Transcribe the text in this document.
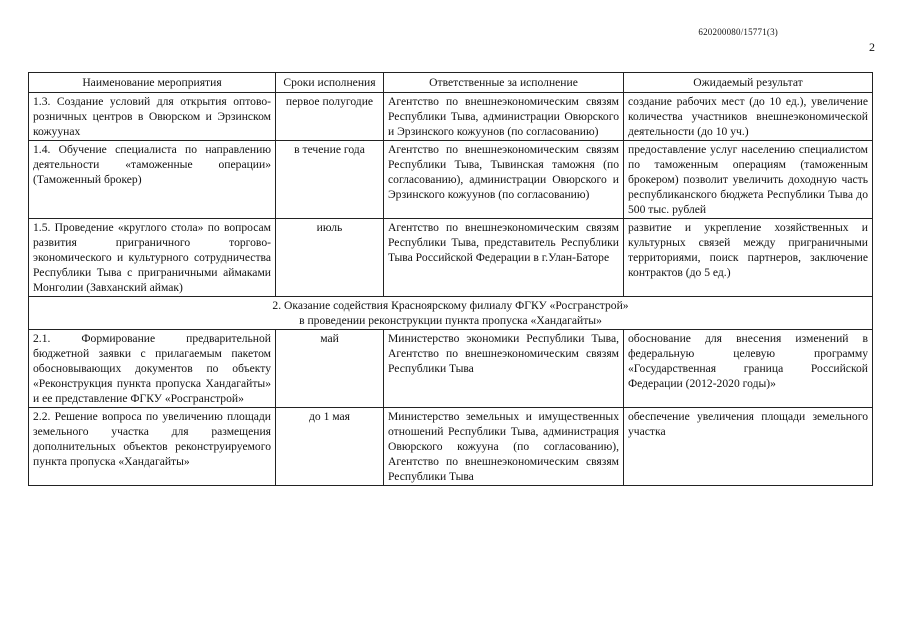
620200080/15771(3)
2
Наименование мероприятия	Сроки исполнения	Ответственные за исполнение	Ожидаемый результат
1.3. Создание условий для открытия оптово-розничных центров в Овюрском и Эрзинском кожуунах	первое полугодие	Агентство по внешнеэкономическим связям Республики Тыва, администрации Овюрского и Эрзинского кожуунов (по согласованию)	создание рабочих мест (до 10 ед.), увеличение количества участников внешнеэкономической деятельности (до 10 уч.)
1.4. Обучение специалиста по направлению деятельности «таможенные операции» (Таможенный брокер)	в течение года	Агентство по внешнеэкономическим связям Республики Тыва, Тывинская таможня (по согласованию), администрации Овюрского и Эрзинского кожуунов (по согласованию)	предоставление услуг населению специалистом по таможенным операциям (таможенным брокером) позволит увеличить доходную часть республиканского бюджета Республики Тыва до 500 тыс. рублей
1.5. Проведение «круглого стола» по вопросам развития приграничного торгово-экономического и культурного сотрудничества Республики Тыва с приграничными аймаками Монголии (Завханский аймак)	июль	Агентство по внешнеэкономическим связям Республики Тыва, представитель Республики Тыва Российской Федерации в г.Улан-Баторе	развитие и укрепление хозяйственных и культурных связей между приграничными территориями, поиск партнеров, заключение контрактов (до 5 ед.)

2. Оказание содействия Красноярскому филиалу ФГКУ «Росгранстрой»
в проведении реконструкции пункта пропуска «Хандагайты»			

2.1. Формирование предварительной бюджетной заявки с прилагаемым пакетом обосновывающих документов по объекту «Реконструкция пункта пропуска Хандагайты» и ее представление ФГКУ «Росгранстрой»	май	Министерство экономики Республики Тыва, Агентство по внешнеэкономическим связям Республики Тыва	обоснование для внесения изменений в федеральную целевую программу «Государственная граница Российской Федерации (2012-2020 годы)»
2.2. Решение вопроса по увеличению площади земельного участка для размещения дополнительных объектов реконструируемого пункта пропуска «Хандагайты»	до 1 мая	Министерство земельных и имущественных отношений Республики Тыва, администрация Овюрского кожууна (по согласованию), Агентство по внешнеэкономическим связям Республики Тыва	обеспечение увеличения площади земельного участка
